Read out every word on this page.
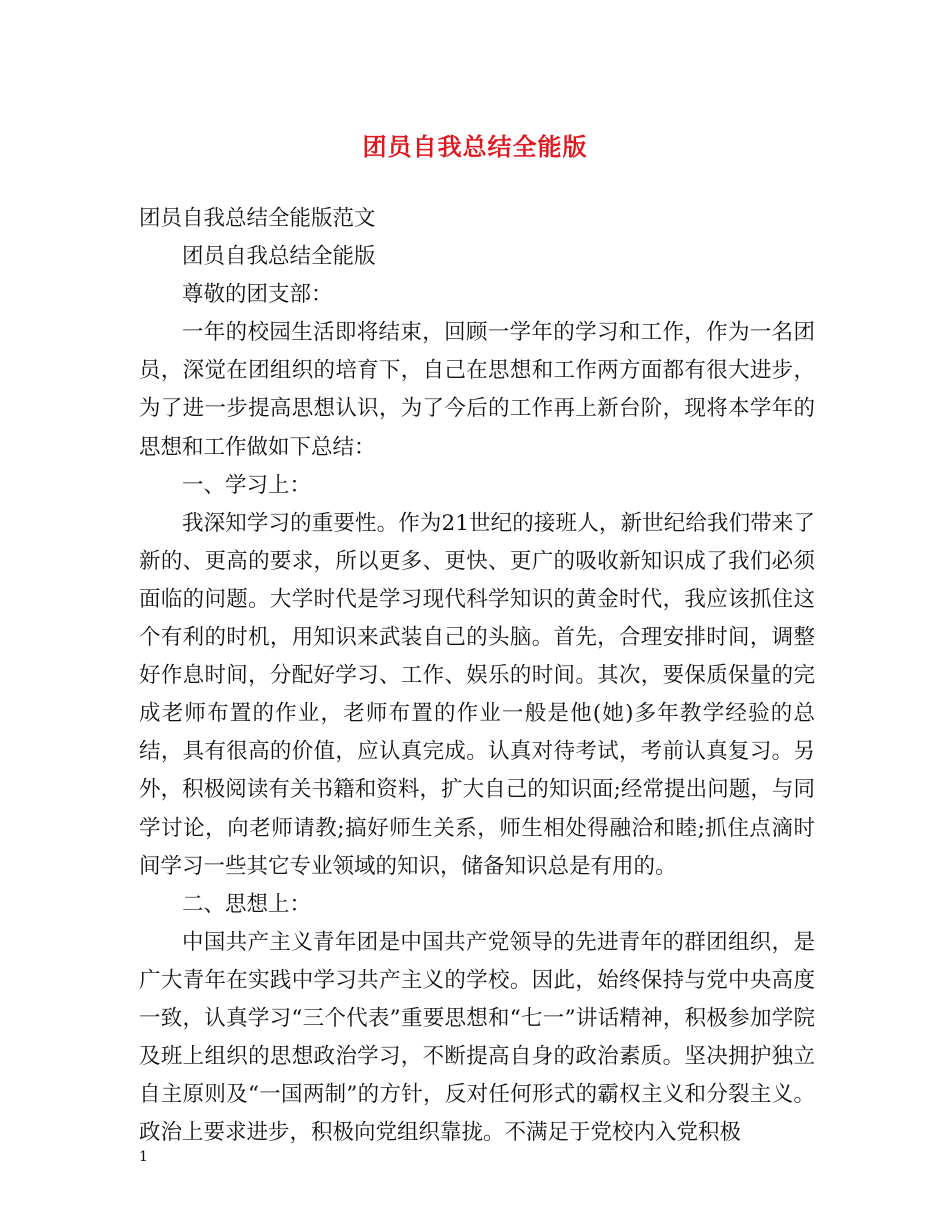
团员自我总结全能版

团员自我总结全能版范文

团员自我总结全能版

尊敬的团支部：

一年的校园生活即将结束，回顾一学年的学习和工作，作为一名团员，深觉在团组织的培育下，自己在思想和工作两方面都有很大进步，为了进一步提高思想认识，为了今后的工作再上新台阶，现将本学年的思想和工作做如下总结：

一、学习上：

我深知学习的重要性。作为21世纪的接班人，新世纪给我们带来了新的、更高的要求，所以更多、更快、更广的吸收新知识成了我们必须面临的问题。大学时代是学习现代科学知识的黄金时代，我应该抓住这个有利的时机，用知识来武装自己的头脑。首先，合理安排时间，调整好作息时间，分配好学习、工作、娱乐的时间。其次，要保质保量的完成老师布置的作业，老师布置的作业一般是他(她)多年教学经验的总结，具有很高的价值，应认真完成。认真对待考试，考前认真复习。另外，积极阅读有关书籍和资料，扩大自己的知识面;经常提出问题，与同学讨论，向老师请教;搞好师生关系，师生相处得融洽和睦;抓住点滴时间学习一些其它专业领域的知识，储备知识总是有用的。

二、思想上：

中国共产主义青年团是中国共产党领导的先进青年的群团组织，是广大青年在实践中学习共产主义的学校。因此，始终保持与党中央高度一致，认真学习“三个代表”重要思想和“七一”讲话精神，积极参加学院及班上组织的思想政治学习，不断提高自身的政治素质。坚决拥护独立自主原则及“一国两制”的方针，反对任何形式的霸权主义和分裂主义。政治上要求进步，积极向党组织靠拢。不满足于党校内入党积极

1
